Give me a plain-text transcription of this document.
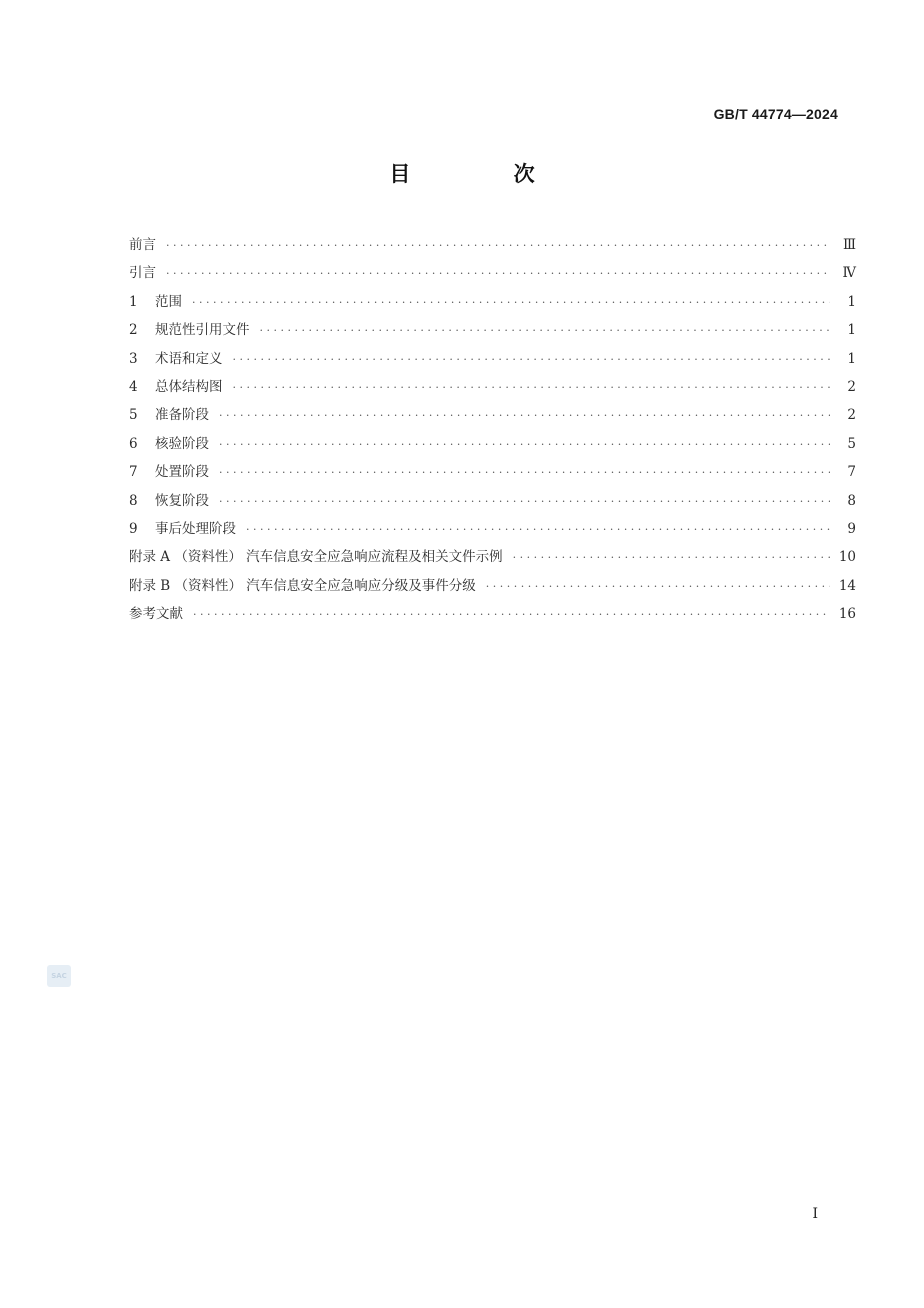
GB/T 44774—2024
目 次
前言 ·····	Ⅲ
引言 ·····	Ⅳ
1 范围 ·····	1
2 规范性引用文件 ·····	1
3 术语和定义 ·····	1
4 总体结构图 ·····	2
5 准备阶段 ·····	2
6 核验阶段 ·····	5
7 处置阶段 ·····	7
8 恢复阶段 ·····	8
9 事后处理阶段 ·····	9
附录 A （资料性） 汽车信息安全应急响应流程及相关文件示例 ·····	10
附录 B （资料性） 汽车信息安全应急响应分级及事件分级 ·····	14
参考文献 ·····	16
SAC
I
